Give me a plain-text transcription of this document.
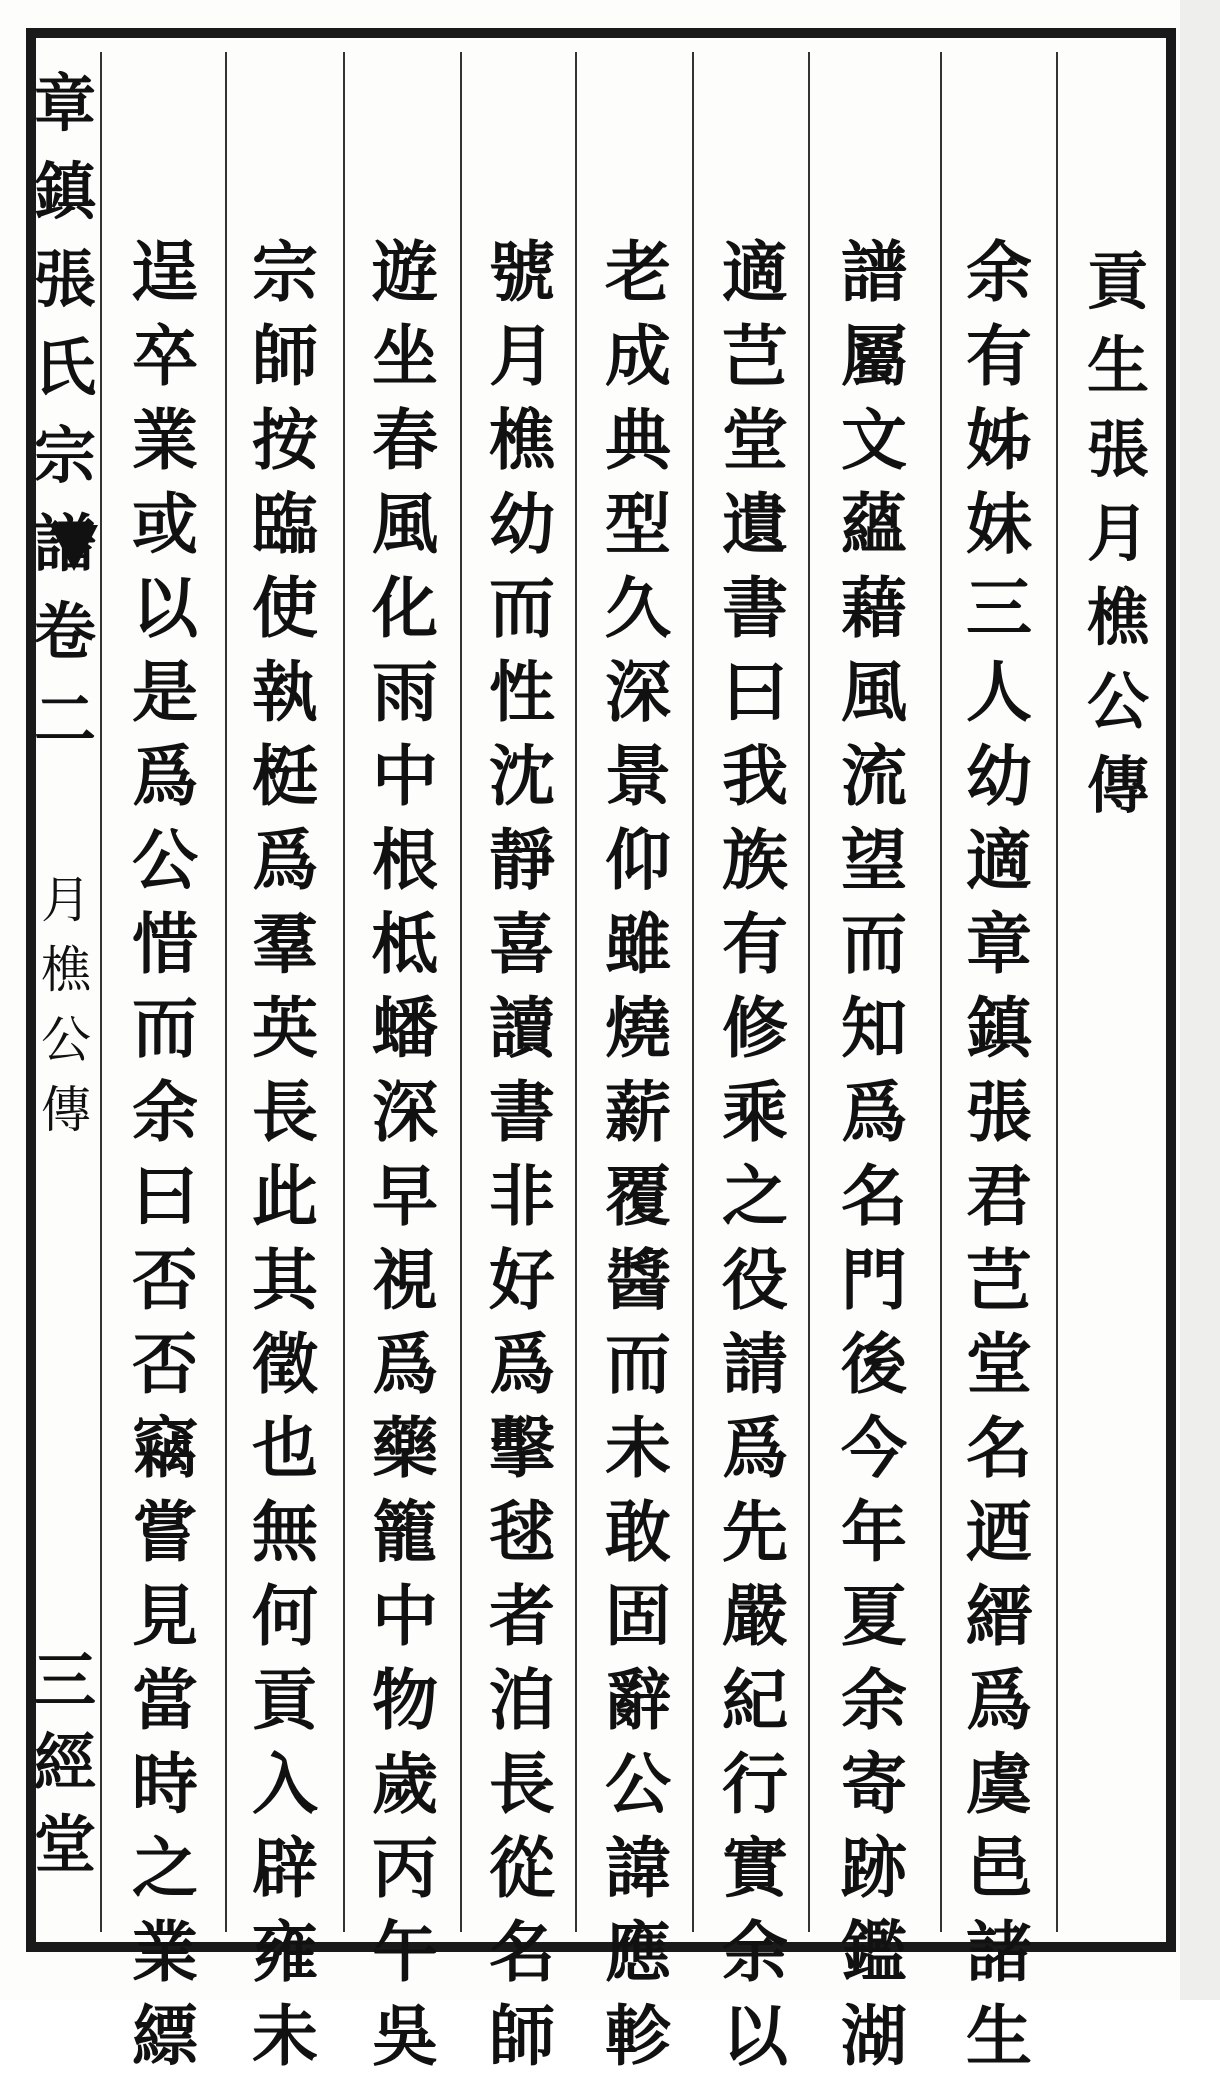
貢生張月樵公傳
余有姊妹三人幼適章鎮張君芑堂名迺縉爲虞邑諸生
譜屬文蘊藉風流望而知爲名門後今年夏余寄跡鑑湖
適芑堂遺書曰我族有修乘之役請爲先嚴紀行實余以
老成典型久深景仰雖燒薪覆醬而未敢固辭公諱應軫
號月樵幼而性沈靜喜讀書非好爲擊毬者洎長從名師
遊坐春風化雨中根柢蟠深早視爲藥籠中物歲丙午吳
宗師按臨使執梃爲羣英長此其徵也無何貢入辟雍未
逞卒業或以是爲公惜而余曰否否竊嘗見當時之業縹
章鎮張氏宗譜卷二
月樵公傳
三經堂
